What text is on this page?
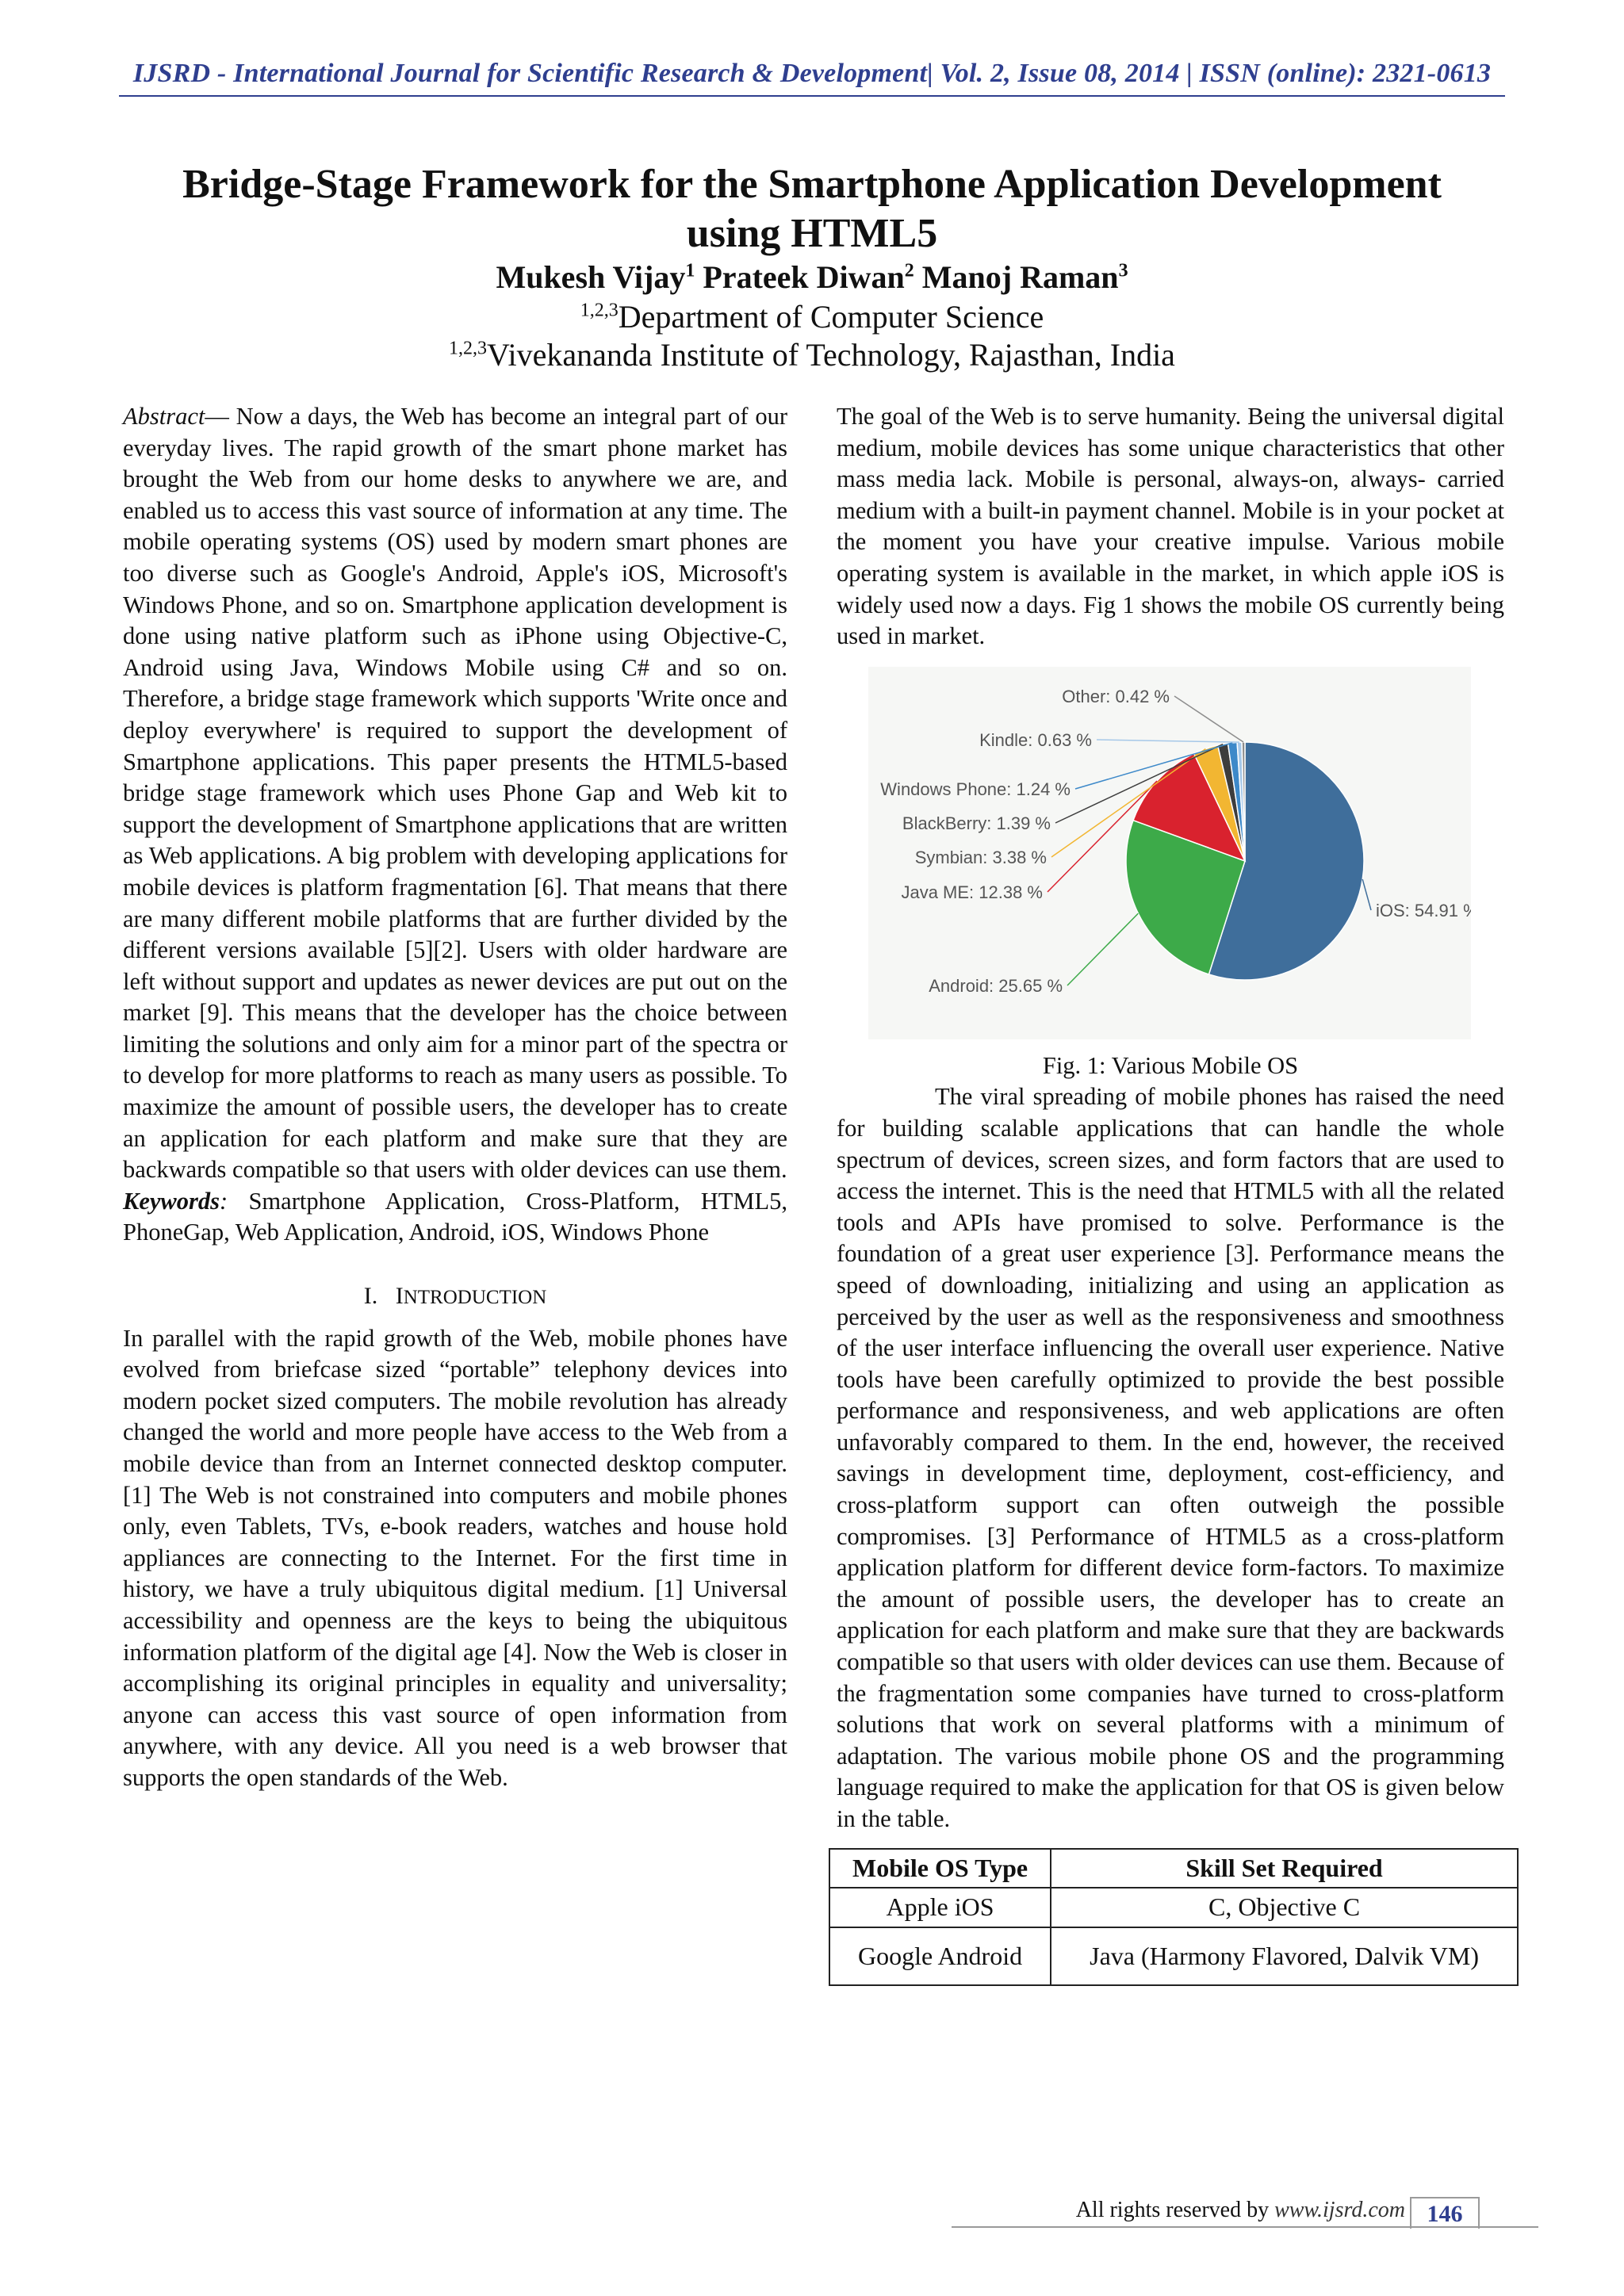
IJSRD - International Journal for Scientific Research & Development| Vol. 2, Issue 08, 2014 | ISSN (online): 2321-0613
Bridge-Stage Framework for the Smartphone Application Development
using HTML5
Mukesh Vijay$^1$ Prateek Diwan$^2$ Manoj Raman$^3$
$^{1,2,3}$Department of Computer Science
$^{1,2,3}$Vivekananda Institute of Technology, Rajasthan, India

Abstract— Now a days, the Web has become an integral part of our everyday lives. The rapid growth of the smart phone market has brought the Web from our home desks to anywhere we are, and enabled us to access this vast source of information at any time. The mobile operating systems (OS) used by modern smart phones are too diverse such as Google's Android, Apple's iOS, Microsoft's Windows Phone, and so on. Smartphone application development is done using native platform such as iPhone using Objective-C, Android using Java, Windows Mobile using C# and so on. Therefore, a bridge stage framework which supports 'Write once and deploy everywhere' is required to support the development of Smartphone applications. This paper presents the HTML5-based bridge stage framework which uses Phone Gap and Web kit to support the development of Smartphone applications that are written as Web applications. A big problem with developing applications for mobile devices is platform fragmentation [6]. That means that there are many different mobile platforms that are further divided by the different versions available [5][2]. Users with older hardware are left without support and updates as newer devices are put out on the market [9]. This means that the developer has the choice between limiting the solutions and only aim for a minor part of the spectra or to develop for more platforms to reach as many users as possible. To maximize the amount of possible users, the developer has to create an application for each platform and make sure that they are backwards compatible so that users with older devices can use them.

Keywords: Smartphone Application, Cross-Platform, HTML5, PhoneGap, Web Application, Android, iOS, Windows Phone

I. INTRODUCTION

In parallel with the rapid growth of the Web, mobile phones have evolved from briefcase sized “portable” telephony devices into modern pocket sized computers. The mobile revolution has already changed the world and more people have access to the Web from a mobile device than from an Internet connected desktop computer. [1] The Web is not constrained into computers and mobile phones only, even Tablets, TVs, e-book readers, watches and house hold appliances are connecting to the Internet. For the first time in history, we have a truly ubiquitous digital medium. [1] Universal accessibility and openness are the keys to being the ubiquitous information platform of the digital age [4]. Now the Web is closer in accomplishing its original principles in equality and universality; anyone can access this vast source of open information from anywhere, with any device. All you need is a web browser that supports the open standards of the Web.

The goal of the Web is to serve humanity. Being the universal digital medium, mobile devices has some unique characteristics that other mass media lack. Mobile is personal, always-on, always- carried medium with a built-in payment channel. Mobile is in your pocket at the moment you have your creative impulse. Various mobile operating system is available in the market, in which apple iOS is widely used now a days. Fig 1 shows the mobile OS currently being used in market.

iOS: 54.91 %
Android: 25.65 %
Java ME: 12.38 %
Symbian: 3.38 %
BlackBerry: 1.39 %
Windows Phone: 1.24 %
Kindle: 0.63 %
Other: 0.42 %

Fig. 1: Various Mobile OS

The viral spreading of mobile phones has raised the need for building scalable applications that can handle the whole spectrum of devices, screen sizes, and form factors that are used to access the internet. This is the need that HTML5 with all the related tools and APIs have promised to solve. Performance is the foundation of a great user experience [3]. Performance means the speed of downloading, initializing and using an application as perceived by the user as well as the responsiveness and smoothness of the user interface influencing the overall user experience. Native tools have been carefully optimized to provide the best possible performance and responsiveness, and web applications are often unfavorably compared to them. In the end, however, the received savings in development time, deployment, cost-efficiency, and cross-platform support can often outweigh the possible compromises. [3] Performance of HTML5 as a cross-platform application platform for different device form-factors. To maximize the amount of possible users, the developer has to create an application for each platform and make sure that they are backwards compatible so that users with older devices can use them. Because of the fragmentation some companies have turned to cross-platform solutions that work on several platforms with a minimum of adaptation. The various mobile phone OS and the programming language required to make the application for that OS is given below in the table.

Mobile OS Type	Skill Set Required
Apple iOS	C, Objective C
Google Android	Java (Harmony Flavored, Dalvik VM)
All rights reserved by www.ijsrd.com 146
